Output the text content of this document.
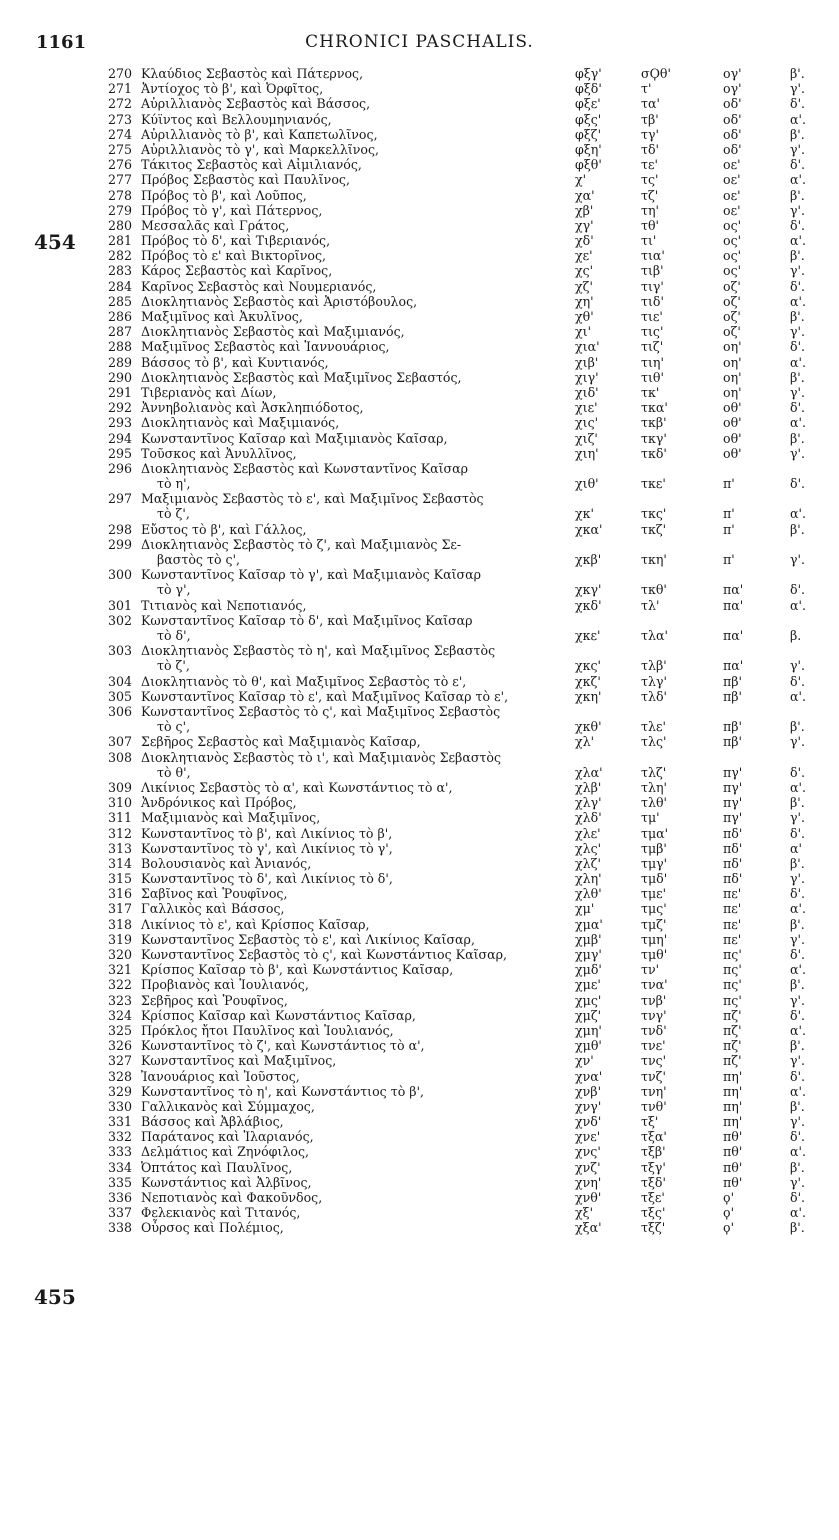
1161	CHRONICI PASCHALIS.
454
455
270 Κλαύδιος Σεβαστὸς καὶ Πάτερνος,	φξγ'	σϘθ'	ογ'	β'.
271 Ἀντίοχος τὸ β', καὶ Ὀρφῖτος,	φξδ'	τ'	ογ'	γ'.
272 Αὐριλλιανὸς Σεβαστὸς καὶ Βάσσος,	φξε'	τα'	οδ'	δ'.
273 Κύϊντος καὶ Βελλουμηνιανός,	φξς'	τβ'	οδ'	α'.
274 Αὐριλλιανὸς τὸ β', καὶ Καπετωλῖνος,	φξζ'	τγ'	οδ'	β'.
275 Αὐριλλιανὸς τὸ γ', καὶ Μαρκελλῖνος,	φξη'	τδ'	οδ'	γ'.
276 Τάκιτος Σεβαστὸς καὶ Αἰμιλιανός,	φξθ'	τε'	οε'	δ'.
277 Πρόβος Σεβαστὸς καὶ Παυλῖνος,	χ'	τς'	οε'	α'.
278 Πρόβος τὸ β', καὶ Λοῦπος,	χα'	τζ'	οε'	β'.
279 Πρόβος τὸ γ', καὶ Πάτερνος,	χβ'	τη'	οε'	γ'.
280 Μεσσαλᾶς καὶ Γράτος,	χγ'	τθ'	ος'	δ'.
281 Πρόβος τὸ δ', καὶ Τιβεριανός,	χδ'	τι'	ος'	α'.
282 Πρόβος τὸ ε' καὶ Βικτορῖνος,	χε'	τια'	ος'	β'.
283 Κάρος Σεβαστὸς καὶ Καρῖνος,	χς'	τιβ'	ος'	γ'.
284 Καρῖνος Σεβαστὸς καὶ Νουμεριανός,	χζ'	τιγ'	οζ'	δ'.
285 Διοκλητιανὸς Σεβαστὸς καὶ Ἀριστόβουλος,	χη'	τιδ'	οζ'	α'.
286 Μαξιμῖνος καὶ Ἀκυλῖνος,	χθ'	τιε'	οζ'	β'.
287 Διοκλητιανὸς Σεβαστὸς καὶ Μαξιμιανός,	χι'	τις'	οζ'	γ'.
288 Μαξιμῖνος Σεβαστὸς καὶ Ἰαννουάριος,	χια'	τιζ'	οη'	δ'.
289 Βάσσος τὸ β', καὶ Κυντιανός,	χιβ'	τιη'	οη'	α'.
290 Διοκλητιανὸς Σεβαστὸς καὶ Μαξιμῖνος Σεβαστός,	χιγ'	τιθ'	οη'	β'.
291 Τιβεριανὸς καὶ Δίων,	χιδ'	τκ'	οη'	γ'.
292 Ἀννηβολιανὸς καὶ Ἀσκληπιόδοτος,	χιε'	τκα'	οθ'	δ'.
293 Διοκλητιανὸς καὶ Μαξιμιανός,	χις'	τκβ'	οθ'	α'.
294 Κωνσταντῖνος Καῖσαρ καὶ Μαξιμιανὸς Καῖσαρ,	χιζ'	τκγ'	οθ'	β'.
295 Τοῦσκος καὶ Ἀνυλλῖνος,	χιη'	τκδ'	οθ'	γ'.
296 Διοκλητιανὸς Σεβαστὸς καὶ Κωνσταντῖνος Καῖσαρ
τὸ η',	χιθ'	τκε'	π'	δ'.
297 Μαξιμιανὸς Σεβαστὸς τὸ ε', καὶ Μαξιμῖνος Σεβαστὸς
τὸ ζ',	χκ'	τκς'	π'	α'.
298 Εὔστος τὸ β', καὶ Γάλλος,	χκα'	τκζ'	π'	β'.
299 Διοκλητιανὸς Σεβαστὸς τὸ ζ', καὶ Μαξιμιανὸς Σε-
βαστὸς τὸ ς',	χκβ'	τκη'	π'	γ'.
300 Κωνσταντῖνος Καῖσαρ τὸ γ', καὶ Μαξιμιανὸς Καῖσαρ
τὸ γ',	χκγ'	τκθ'	πα'	δ'.
301 Τιτιανὸς καὶ Νεποτιανός,	χκδ'	τλ'	πα'	α'.
302 Κωνσταντῖνος Καῖσαρ τὸ δ', καὶ Μαξιμῖνος Καῖσαρ
τὸ δ',	χκε'	τλα'	πα'	β.
303 Διοκλητιανὸς Σεβαστὸς τὸ η', καὶ Μαξιμῖνος Σεβαστὸς
τὸ ζ',	χκς'	τλβ'	πα'	γ'.
304 Διοκλητιανὸς τὸ θ', καὶ Μαξιμῖνος Σεβαστὸς τὸ ε',	χκζ'	τλγ'	πβ'	δ'.
305 Κωνσταντῖνος Καῖσαρ τὸ ε', καὶ Μαξιμῖνος Καῖσαρ τὸ ε',	χκη'	τλδ'	πβ'	α'.
306 Κωνσταντῖνος Σεβαστὸς τὸ ς', καὶ Μαξιμῖνος Σεβαστὸς
τὸ ς',	χκθ'	τλε'	πβ'	β'.
307 Σεβῆρος Σεβαστὸς καὶ Μαξιμιανὸς Καῖσαρ,	χλ'	τλς'	πβ'	γ'.
308 Διοκλητιανὸς Σεβαστὸς τὸ ι', καὶ Μαξιμιανὸς Σεβαστὸς
τὸ θ',	χλα'	τλζ'	πγ'	δ'.
309 Λικίνιος Σεβαστὸς τὸ α', καὶ Κωνστάντιος τὸ α',	χλβ'	τλη'	πγ'	α'.
310 Ἀνδρόνικος καὶ Πρόβος,	χλγ'	τλθ'	πγ'	β'.
311 Μαξιμιανὸς καὶ Μαξιμῖνος,	χλδ'	τμ'	πγ'	γ'.
312 Κωνσταντῖνος τὸ β', καὶ Λικίνιος τὸ β',	χλε'	τμα'	πδ'	δ'.
313 Κωνσταντῖνος τὸ γ', καὶ Λικίνιος τὸ γ',	χλς'	τμβ'	πδ'	α'
314 Βολουσιανὸς καὶ Ἀνιανός,	χλζ'	τμγ'	πδ'	β'.
315 Κωνσταντῖνος τὸ δ', καὶ Λικίνιος τὸ δ',	χλη'	τμδ'	πδ'	γ'.
316 Σαβῖνος καὶ Ῥουφῖνος,	χλθ'	τμε'	πε'	δ'.
317 Γαλλικὸς καὶ Βάσσος,	χμ'	τμς'	πε'	α'.
318 Λικίνιος τὸ ε', καὶ Κρίσπος Καῖσαρ,	χμα'	τμζ'	πε'	β'.
319 Κωνσταντῖνος Σεβαστὸς τὸ ε', καὶ Λικίνιος Καῖσαρ,	χμβ'	τμη'	πε'	γ'.
320 Κωνσταντῖνος Σεβαστὸς τὸ ς', καὶ Κωνστάντιος Καῖσαρ,	χμγ'	τμθ'	πς'	δ'.
321 Κρίσπος Καῖσαρ τὸ β', καὶ Κωνστάντιος Καῖσαρ,	χμδ'	τν'	πς'	α'.
322 Προβιανὸς καὶ Ἰουλιανός,	χμε'	τνα'	πς'	β'.
323 Σεβῆρος καὶ Ῥουφῖνος,	χμς'	τνβ'	πς'	γ'.
324 Κρίσπος Καῖσαρ καὶ Κωνστάντιος Καῖσαρ,	χμζ'	τνγ'	πζ'	δ'.
325 Πρόκλος ἤτοι Παυλῖνος καὶ Ἰουλιανός,	χμη'	τνδ'	πζ'	α'.
326 Κωνσταντῖνος τὸ ζ', καὶ Κωνστάντιος τὸ α',	χμθ'	τνε'	πζ'	β'.
327 Κωνσταντῖνος καὶ Μαξιμῖνος,	χν'	τνς'	πζ'	γ'.
328 Ἰανουάριος καὶ Ἰοῦστος,	χνα'	τνζ'	πη'	δ'.
329 Κωνσταντῖνος τὸ η', καὶ Κωνστάντιος τὸ β',	χνβ'	τνη'	πη'	α'.
330 Γαλλικανὸς καὶ Σύμμαχος,	χνγ'	τνθ'	πη'	β'.
331 Βάσσος καὶ Ἀβλάβιος,	χνδ'	τξ'	πη'	γ'.
332 Παράτανος καὶ Ἰλαριανός,	χνε'	τξα'	πθ'	δ'.
333 Δελμάτιος καὶ Ζηνόφιλος,	χνς'	τξβ'	πθ'	α'.
334 Ὀπτάτος καὶ Παυλῖνος,	χνζ'	τξγ'	πθ'	β'.
335 Κωνστάντιος καὶ Ἀλβῖνος,	χνη'	τξδ'	πθ'	γ'.
336 Νεποτιανὸς καὶ Φακοῦνδος,	χνθ'	τξε'	ϙ'	δ'.
337 Φελεκιανὸς καὶ Τιτανός,	χξ'	τξς'	ϙ'	α'.
338 Οὖρσος καὶ Πολέμιος,	χξα'	τξζ'	ϙ'	β'.
